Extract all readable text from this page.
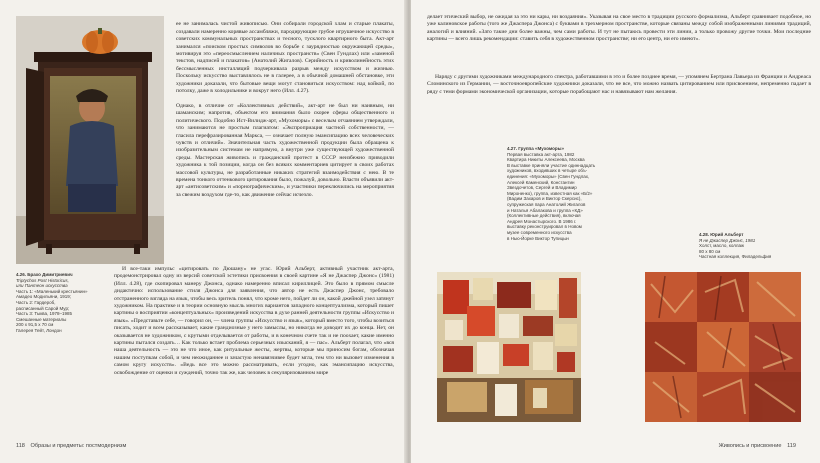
4.26. Брахо Димитриевич
Triptychos Post Historicus,
или Пантеон искусства
Часть 1: «Маленький крестьянин»
Амадео Модильяни, 1919;
Часть 2: Гардероб,
расписанный Сарой Мур;
Часть 3: Тыква, 1978–1985
Смешанные материалы
200 x 91,5 x 70 см
Галерея Тейт, Лондон

ее не занималась чистой живописью. Они собирали городской хлам и старые плакаты, создавали намеренно корявые ассамбляжи, пародирующие грубое игрушечное искусство в советских коммунальных пространствах и тесного, тусклого квартирного быта. Акт-арт занимался «поиском простых символов во борьбе с заурядностью окружающей среды», мотивируя это «переосмыслением наличных пространств» (Свен Гундлах) или «заменой текстов, надписей и плакатов» (Анатолий Жигалов). Серийность и криволинейность этих бессмысленных инсталляций подчеркивала разрыв между искусством и жизнью. Поскольку искусство выставлялось не в галерее, а в обычной домашней обстановке, эти художники доказали, что бытовые вещи могут становиться искусством: над койкой, по потолку, даже в холодильнике и вокруг него (Илл. 4.27).

Однако, в отличие от «Коллективных действий», акт-арт не был ни наивным, ни шаманским; напротив, объектом его внимания было скорее сферы общественного и политического. Подобно Ист-Вилидж-арт, «Мухоморы» с веселым отчаянием утверждали, что занимаются не простым плагиатом: «Экспроприация частной собственности, — гласила перефразированная Маркса, — означает полную эмансипацию всех человеческих чувств и отличий». Значительная часть художественной продукции была обращена к изобразительным системам не напрямую, а внутри уже существующей художественной среды. Мастерская живопись и гражданский протест в СССР неизбежно приводили художника к той позиции, когда он без всяких комментариев цитирует в своих работах массовой культуры, не разработанные никаких стратегий взаимодействия с нею. В те времена тонкого оттенкового цитирования было, пожалуй, довольно. Власти объявили акт-арт «антисоветским» и «порнографическим», и участники переключились на мероприятия за свежим воздухом где-то, как движение сейчас исчезло.

И все-таки импульс «цитировать по Дюшану» не угас. Юрий Альберт, активный участник акт-арта, продемонстрировал одну из версий советской эстетики присвоения в своей картине «Я не Джаспер Джонс» (1981) (Илл. 4.28), где скопировал манеру Джонса, однако намеренно вписал кириллицей. Это было в прямом смысле дидактично: использование стиля Джонса для заявления, что автор не есть Джаспер Джонс, требовало отстраненного взгляда на язык, чтобы весь зритель понял, что кроме него, пойдет ли он, какой джейной узел затянут художником. На практике и в теории основную мысль многих вариантов западного концептуализма, который пишет картины о восприятии «концептуальных» произведений искусства в духе ранней деятельности группы «Искусство и язык». «Представьте себе, — говорил он, — члена группы «Искусство и язык», который вместо того, чтобы возиться писать, ходит и всем рассказывает, какие грандиозные у него замыслы, но никогда не доводит их до конца. Нет, он оказывается не художником, с крутыми отделывается от работы, и в конечном счете так и не поохает, какие именно картины пытался создать… Как только встает проблема серьезных изысканий, я — пас». Альберт полагал, что «вся наша деятельность — это не что иное, как ритуальные жесты, жертвы, которые мы приносим богам, обозначая нашим поступкам собой, и чем неожиданнее и зачастую ненавязчивее будет мгла, тем что ни вызовет изменения в самом кругу искусств». «Ведь все это можно рассматривать, если угодно, как эмансипацию искусства, освобождение от оценки и суждений, точно так же, как человек в секуляризованном мире
118 Образы и предметы: постмодернизм
делает этический выбор, не ожидая за это ни кары, ни воздаяния». Указывая на свое место в традиции русского формализма, Альберт сравнивает подобное, но уже калиновское работы (того же Джаспера Джонса) с буквами в трехмерном пространстве, которые связаны между собой изображенными линиями традиций, аналогий и влияний. «Зато такие дни более важны, чем сами работы. И тут не пытаюсь провести эти линии, а только провожу другие точки. Мои последние картины — всего лишь рекомендации: ставить себя в художественном пространстве; ни его центр, ни его имеют».
Наряду с другими художниками международного спектра, работавшими в это и более позднее время, — упомянем Бертрана Лавьера из Франции и Андреаса Сломинского из Германии, — восточноевропейские художники доказали, что не все, что можно назвать цитированием или присвоением, непременно падает в ряду с теми формами экономической организации, которые порабощают нас и навязывают нам желания.
4.27. Группа «Мухоморы»
Первая выставка акт-арта, 1982
Квартира Никиты Алексеева, Москва
В выставке приняли участие одиннадцать
художников, входивших в четыре объ-
единения: «Мухоморы» (Свен Гундлах,
Алексей Каменский, Константин
Звездочетов, Сергей и Владимир
Мироненко), группа, известная как «Б/2»
(Вадим Захаров и Виктор Скерсис),
супружеская пара Анатолий Жигалов
и Наталья Абалакова и группа «КД»
(Коллективные действия), включая
Андрея Монастырского. В 1986 г.
выставку реконструировал в Новом
музее современного искусства
в Нью-Йорке Виктор Тупицын
4.28. Юрий Альберт
Я не Джаспер Джонс, 1981
Холст, масло, коллаж
80 x 80 см
Частная коллекция, Филадельфия
Живопись и присвоение 119
